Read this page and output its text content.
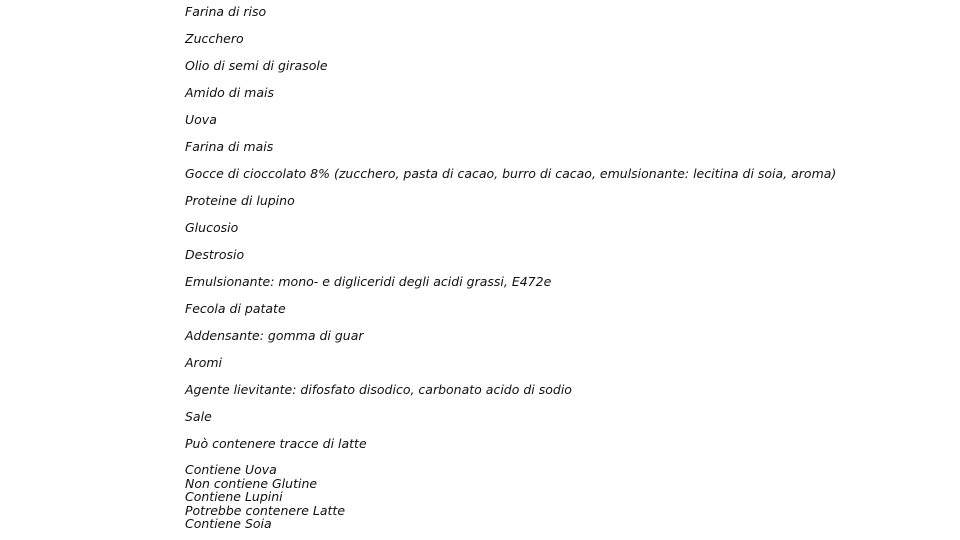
Farina di riso
Zucchero
Olio di semi di girasole
Amido di mais
Uova
Farina di mais
Gocce di cioccolato 8% (zucchero, pasta di cacao, burro di cacao, emulsionante: lecitina di soia, aroma)
Proteine di lupino
Glucosio
Destrosio
Emulsionante: mono- e digliceridi degli acidi grassi, E472e
Fecola di patate
Addensante: gomma di guar
Aromi
Agente lievitante: difosfato disodico, carbonato acido di sodio
Sale
Può contenere tracce di latte
Contiene Uova
Non contiene Glutine
Contiene Lupini
Potrebbe contenere Latte
Contiene Soia
